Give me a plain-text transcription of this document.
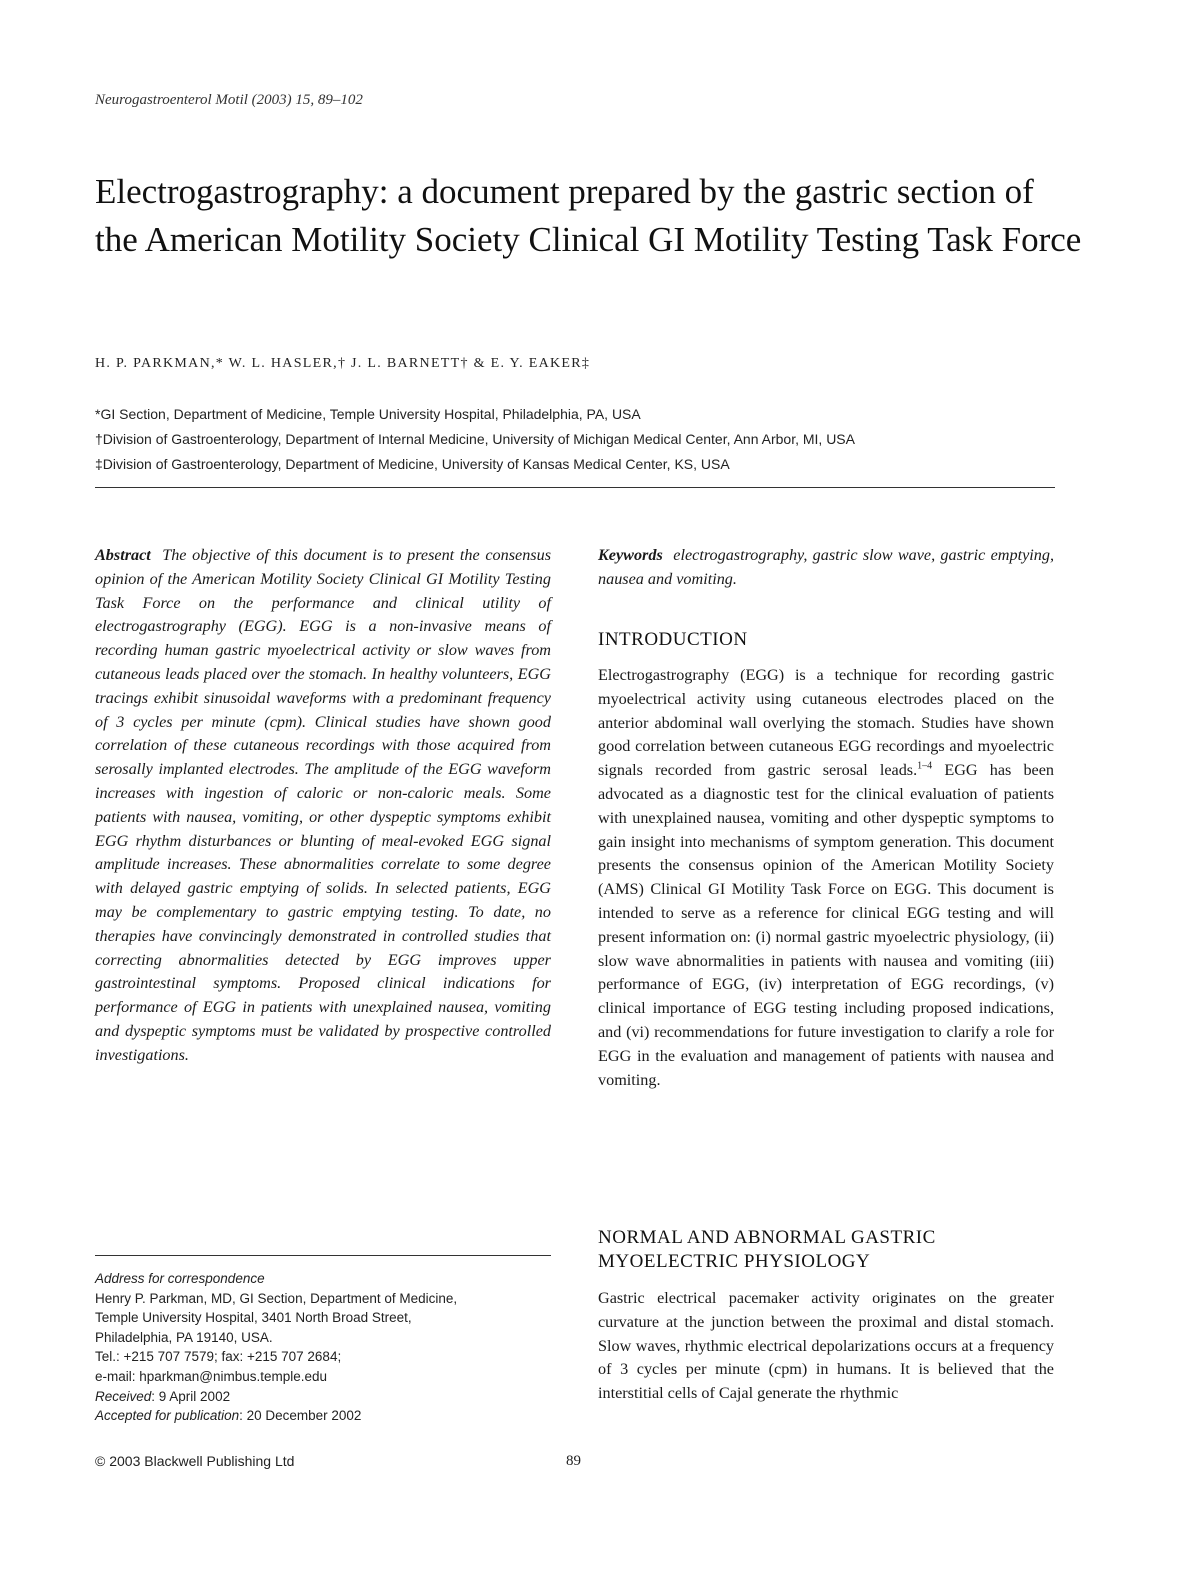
Neurogastroenterol Motil (2003) 15, 89–102
Electrogastrography: a document prepared by the gastric section of the American Motility Society Clinical GI Motility Testing Task Force
H. P. PARKMAN,* W. L. HASLER,† J. L. BARNETT† & E. Y. EAKER‡
*GI Section, Department of Medicine, Temple University Hospital, Philadelphia, PA, USA
†Division of Gastroenterology, Department of Internal Medicine, University of Michigan Medical Center, Ann Arbor, MI, USA
‡Division of Gastroenterology, Department of Medicine, University of Kansas Medical Center, KS, USA

Abstract The objective of this document is to present the consensus opinion of the American Motility Society Clinical GI Motility Testing Task Force on the performance and clinical utility of electrogastrography (EGG). EGG is a non-invasive means of recording human gastric myoelectrical activity or slow waves from cutaneous leads placed over the stomach. In healthy volunteers, EGG tracings exhibit sinusoidal waveforms with a predominant frequency of 3 cycles per minute (cpm). Clinical studies have shown good correlation of these cutaneous recordings with those acquired from serosally implanted electrodes. The amplitude of the EGG waveform increases with ingestion of caloric or non-caloric meals. Some patients with nausea, vomiting, or other dyspeptic symptoms exhibit EGG rhythm disturbances or blunting of meal-evoked EGG signal amplitude increases. These abnormalities correlate to some degree with delayed gastric emptying of solids. In selected patients, EGG may be complementary to gastric emptying testing. To date, no therapies have convincingly demonstrated in controlled studies that correcting abnormalities detected by EGG improves upper gastrointestinal symptoms. Proposed clinical indications for performance of EGG in patients with unexplained nausea, vomiting and dyspeptic symptoms must be validated by prospective controlled investigations.

Address for correspondence
Henry P. Parkman, MD, GI Section, Department of Medicine,
Temple University Hospital, 3401 North Broad Street,
Philadelphia, PA 19140, USA.
Tel.: +215 707 7579; fax: +215 707 2684;
e-mail: hparkman@nimbus.temple.edu
Received: 9 April 2002
Accepted for publication: 20 December 2002
© 2003 Blackwell Publishing Ltd	89

Keywords electrogastrography, gastric slow wave, gastric emptying, nausea and vomiting.

INTRODUCTION

Electrogastrography (EGG) is a technique for recording gastric myoelectrical activity using cutaneous electrodes placed on the anterior abdominal wall overlying the stomach. Studies have shown good correlation between cutaneous EGG recordings and myoelectric signals recorded from gastric serosal leads.$^{1-4}$ EGG has been advocated as a diagnostic test for the clinical evaluation of patients with unexplained nausea, vomiting and other dyspeptic symptoms to gain insight into mechanisms of symptom generation. This document presents the consensus opinion of the American Motility Society (AMS) Clinical GI Motility Task Force on EGG. This document is intended to serve as a reference for clinical EGG testing and will present information on: (i) normal gastric myoelectric physiology, (ii) slow wave abnormalities in patients with nausea and vomiting (iii) performance of EGG, (iv) interpretation of EGG recordings, (v) clinical importance of EGG testing including proposed indications, and (vi) recommendations for future investigation to clarify a role for EGG in the evaluation and management of patients with nausea and vomiting.

NORMAL AND ABNORMAL GASTRIC MYOELECTRIC PHYSIOLOGY

Gastric electrical pacemaker activity originates on the greater curvature at the junction between the proximal and distal stomach. Slow waves, rhythmic electrical depolarizations occurs at a frequency of 3 cycles per minute (cpm) in humans. It is believed that the interstitial cells of Cajal generate the rhythmic
